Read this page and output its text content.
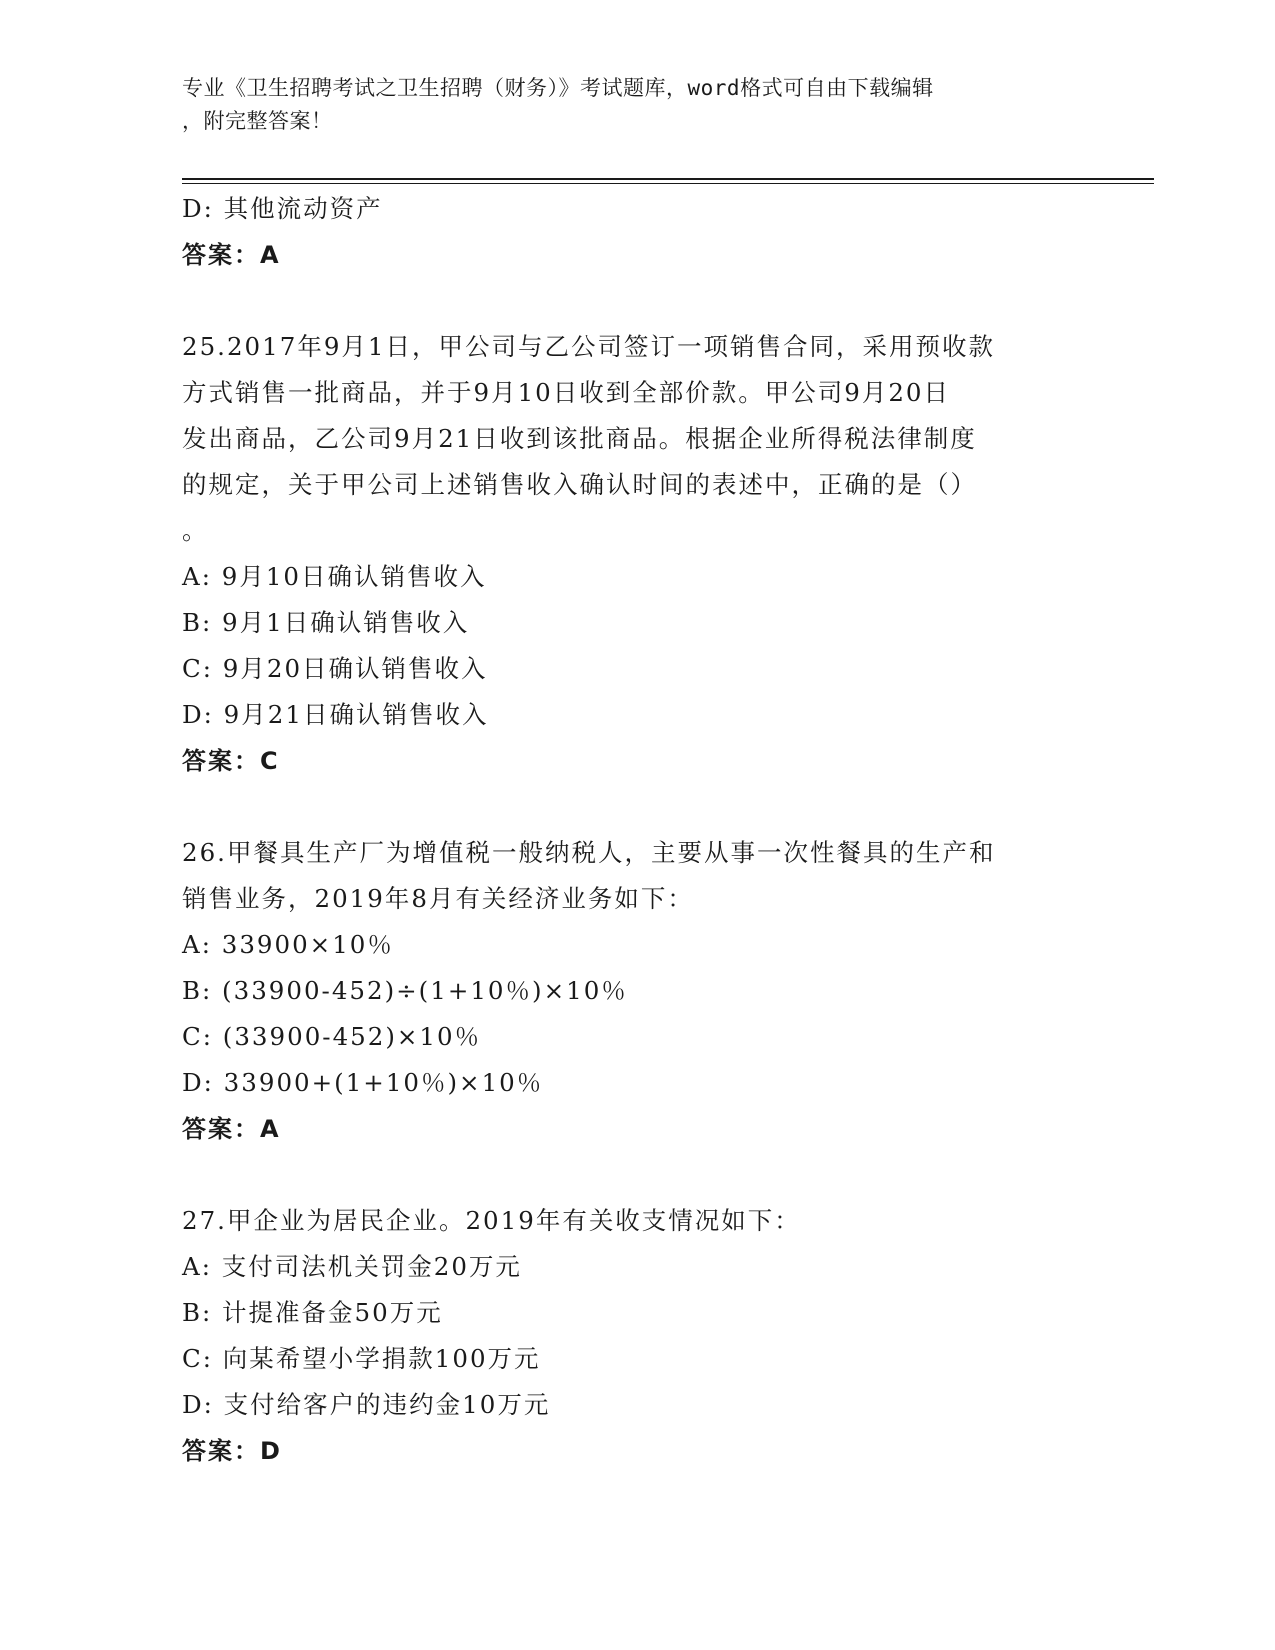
专业《卫生招聘考试之卫生招聘（财务）》考试题库，word格式可自由下载编辑
，附完整答案！
D: 其他流动资产
答案：A
25.2017年9月1日，甲公司与乙公司签订一项销售合同，采用预收款
方式销售一批商品，并于9月10日收到全部价款。甲公司9月20日
发出商品，乙公司9月21日收到该批商品。根据企业所得税法律制度
的规定，关于甲公司上述销售收入确认时间的表述中，正确的是（）
。
A: 9月10日确认销售收入
B: 9月1日确认销售收入
C: 9月20日确认销售收入
D: 9月21日确认销售收入
答案：C
26.甲餐具生产厂为增值税一般纳税人，主要从事一次性餐具的生产和
销售业务，2019年8月有关经济业务如下：
A: 33900×10％
B: (33900-452)÷(1+10％)×10％
C: (33900-452)×10％
D: 33900+(1+10％)×10％
答案：A
27.甲企业为居民企业。2019年有关收支情况如下：
A: 支付司法机关罚金20万元
B: 计提准备金50万元
C: 向某希望小学捐款100万元
D: 支付给客户的违约金10万元
答案：D
